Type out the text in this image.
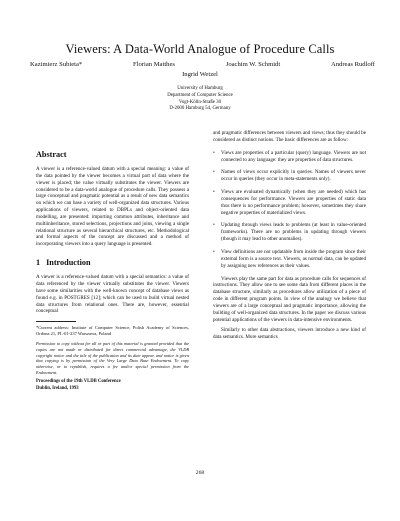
Viewers: A Data-World Analogue of Procedure Calls
Kazimierz Subieta*	Florian Matthes	Joachim W. Schmidt	Andreas Rudloff
Ingrid Wetzel
University of Hamburg
Department of Computer Science
Vogt-Kölln-Straße 30
D-2000 Hamburg 54, Germany
Abstract

A viewer is a reference-valued datum with a special meaning: a value of the data pointed by the viewer becomes a virtual part of data where the viewer is placed; the value virtually substitutes the viewer. Viewers are considered to be a data-world analogue of procedure calls. They possess a large conceptual and pragmatic potential as a result of new data semantics on which we can base a variety of well-organized data structures. Various applications of viewers, related to DBPLs and object-oriented data modelling, are presented: importing common attributes, inheritance and multiinheritance, stored selections, projections and joins, viewing a single relational structure as several hierarchical structures, etc. Methodological and formal aspects of the concept are discussed and a method of incorporating viewers into a query language is presented.

1 Introduction

A viewer is a reference-valued datum with a special semantics: a value of data referenced by the viewer virtually substitutes the viewer. Viewers have some similarities with the well-known concept of database views as found e.g. in POSTGRES [12]; which can be used to build virtual nested data structures from relational ones. There are, however, essential conceptual

*Current address: Institute of Computer Science, Polish Academy of Sciences, Ordona 21, PL-01-237 Warszawa, Poland
Permission to copy without fee all or part of this material is granted provided that the copies are not made or distributed for direct commercial advantage, the VLDB copyright notice and the title of the publication and its date appear, and notice is given that copying is by permission of the Very Large Data Base Endowment. To copy otherwise, or to republish, requires a fee and/or special permission from the Endowment.
Proceedings of the 19th VLDB Conference
Dublin, Ireland, 1993

and pragmatic differences between viewers and views; thus they should be considered as distinct notions. The basic differences are as follow:

• Views are properties of a particular (query) language. Viewers are not connected to any language: they are properties of data structures.
• Names of views occur explicitly in queries. Names of viewers never occur in queries (they occur in meta-statements only).
• Views are evaluated dynamically (when they are needed) which has consequences for performance. Viewers are properties of static data thus there is no performance problem; however, sometimes they share negative properties of materialized views.
• Updating through views leads to problems (at least in value-oriented frameworks). There are no problems in updating through viewers (though it may lead to other anomalies).
• View definitions are not updatable from inside the program since their external form is a source text. Viewers, as normal data, can be updated by assigning new references as their values.

Viewers play the same part for data as procedure calls for sequences of instructions. They allow one to see some data from different places in the database structure, similarly as procedures allow utilization of a piece of code in different program points. In view of the analogy we believe that viewers are of a large conceptual and pragmatic importance, allowing the building of well-organized data structures. In the paper we discuss various potential applications of the viewers in data-intensive environments.

Similarly to other data abstractions, viewers introduce a new kind of data semantics. More semantics

268
